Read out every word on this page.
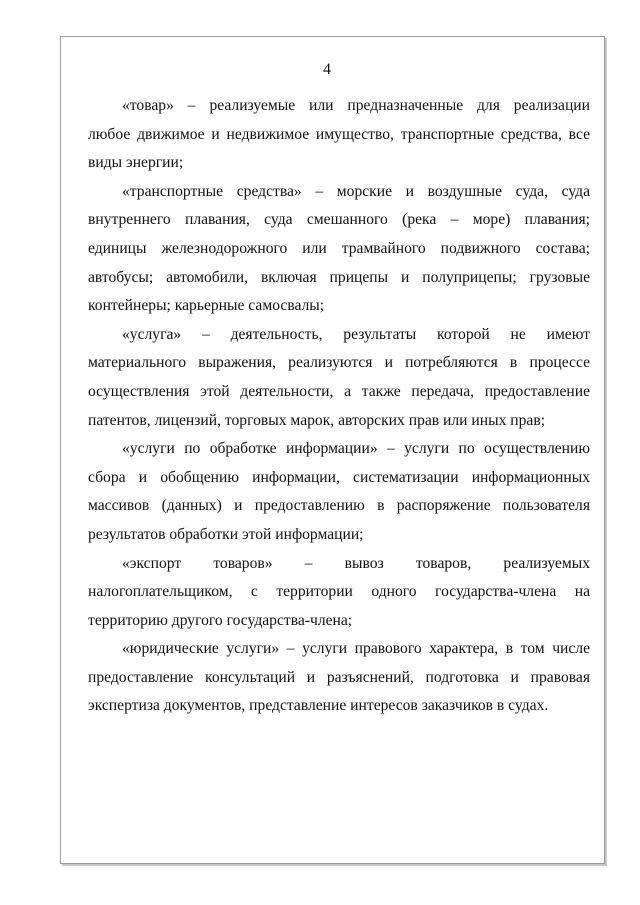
4

«товар» – реализуемые или предназначенные для реализации
любое движимое и недвижимое имущество, транспортные средства, все
виды энергии;

«транспортные средства» – морские и воздушные суда, суда
внутреннего плавания, суда смешанного (река – море) плавания;
единицы железнодорожного или трамвайного подвижного состава;
автобусы; автомобили, включая прицепы и полуприцепы; грузовые
контейнеры; карьерные самосвалы;

«услуга» – деятельность, результаты которой не имеют
материального выражения, реализуются и потребляются в процессе
осуществления этой деятельности, а также передача, предоставление
патентов, лицензий, торговых марок, авторских прав или иных прав;

«услуги по обработке информации» – услуги по осуществлению
сбора и обобщению информации, систематизации информационных
массивов (данных) и предоставлению в распоряжение пользователя
результатов обработки этой информации;

«экспорт товаров» – вывоз товаров, реализуемых
налогоплательщиком, с территории одного государства-члена на
территорию другого государства-члена;

«юридические услуги» – услуги правового характера, в том числе
предоставление консультаций и разъяснений, подготовка и правовая
экспертиза документов, представление интересов заказчиков в судах.
